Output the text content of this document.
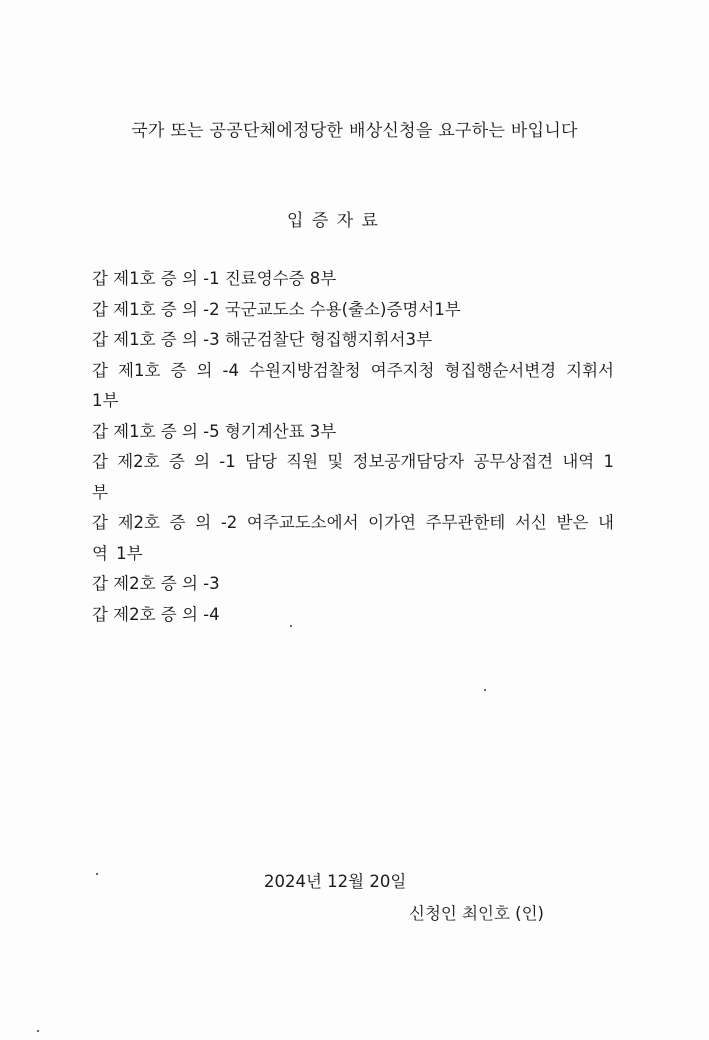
국가 또는 공공단체에정당한 배상신청을 요구하는 바입니다
입 증 자 료
갑 제1호 증 의 -1 진료영수증 8부
갑 제1호 증 의 -2 국군교도소 수용(출소)증명서1부
갑 제1호 증 의 -3 해군검찰단 형집행지휘서3부
갑 제1호 증 의 -4 수원지방검찰청 여주지청 형집행순서변경 지휘서 1부
갑 제1호 증 의 -5 형기계산표 3부
갑 제2호 증 의 -1 담당 직원 및 정보공개담당자 공무상접견 내역 1부
갑 제2호 증 의 -2 여주교도소에서 이가연 주무관한테 서신 받은 내역 1부
갑 제2호 증 의 -3
갑 제2호 증 의 -4
2024년 12월 20일
신청인 최인호 (인)
